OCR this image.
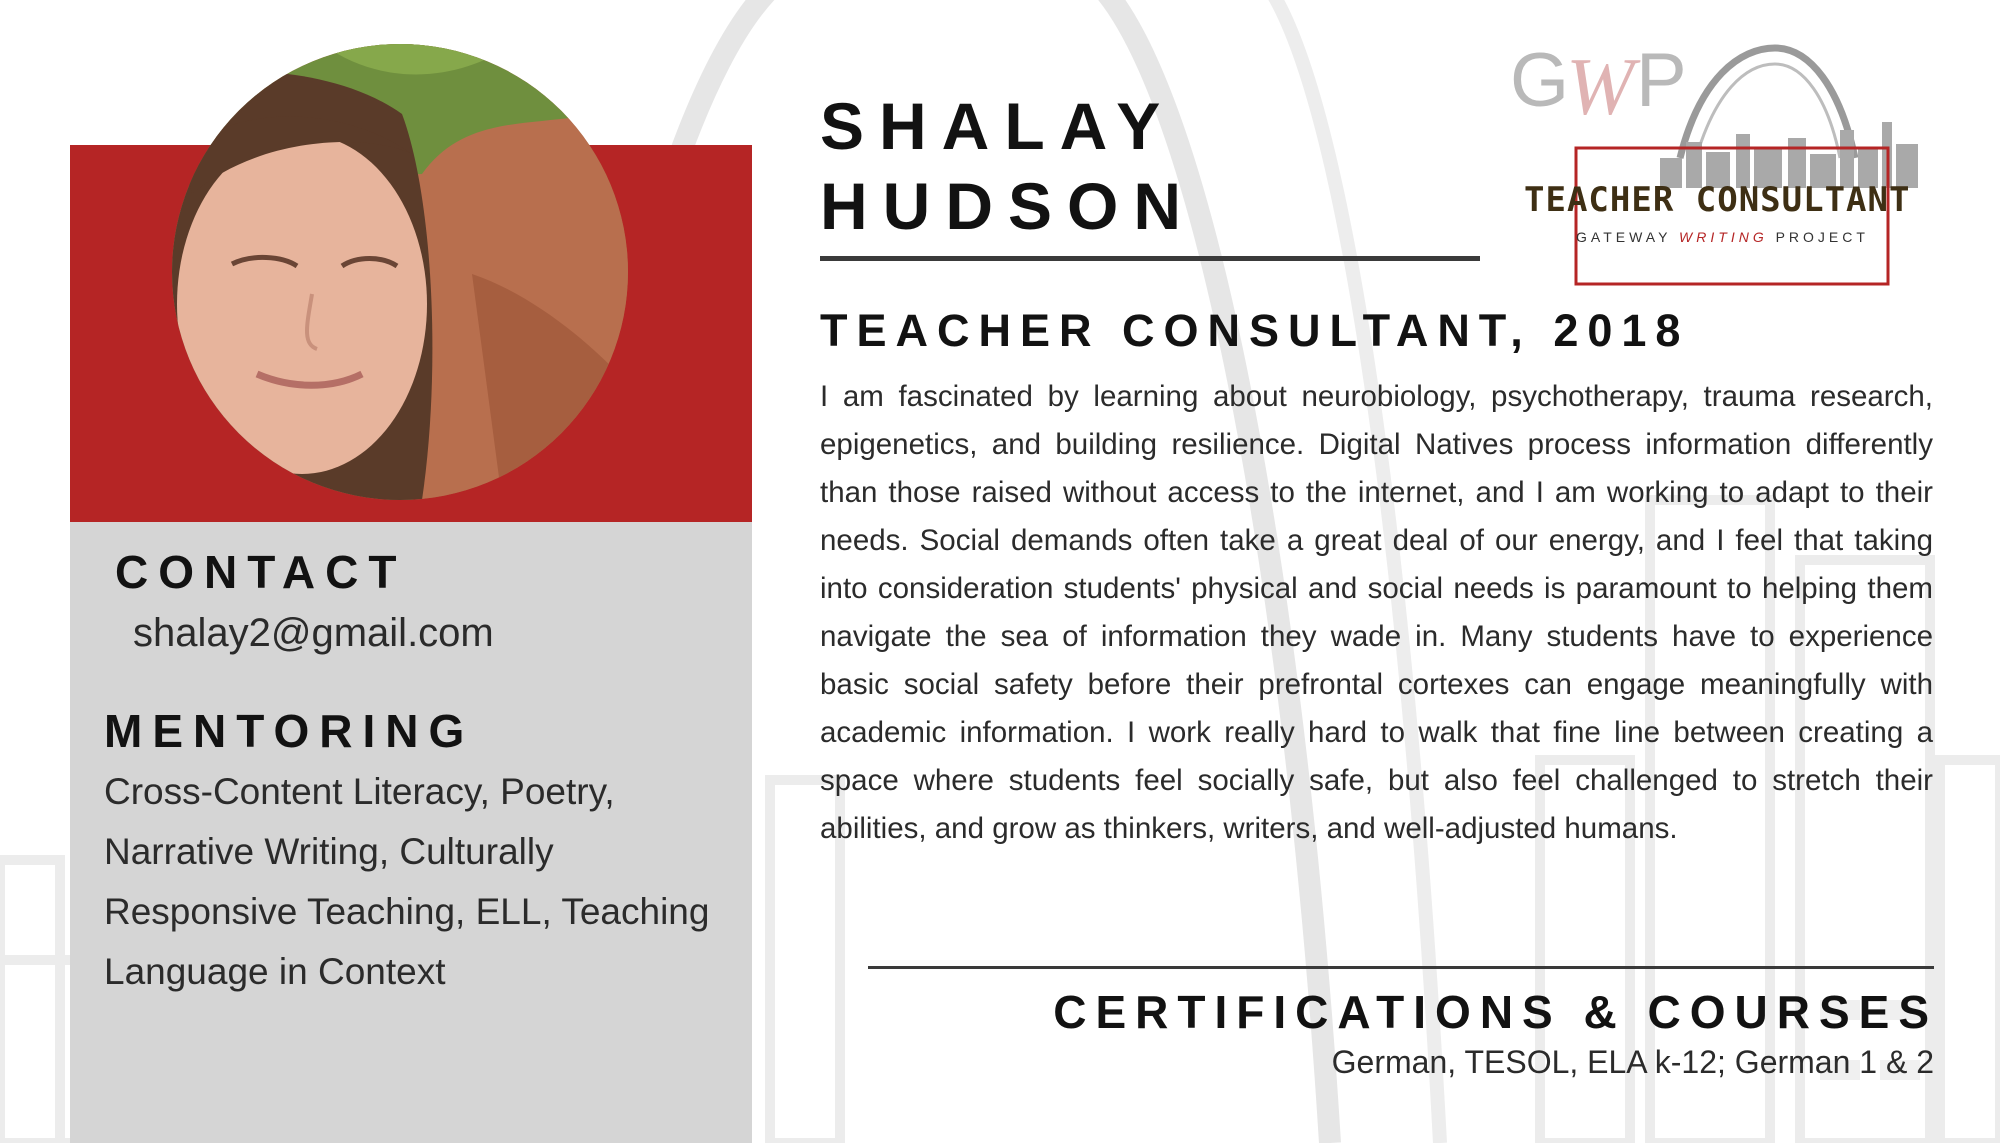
CONTACT
shalay2@gmail.com
MENTORING
Cross-Content Literacy, Poetry, Narrative Writing, Culturally Responsive Teaching, ELL, Teaching Language in Context
SHALAY
HUDSON
TEACHER CONSULTANT, 2018
I am fascinated by learning about neurobiology, psychotherapy, trauma research, epigenetics, and building resilience. Digital Natives process information differently than those raised without access to the internet, and I am working to adapt to their needs. Social demands often take a great deal of our energy, and I feel that taking into consideration students' physical and social needs is paramount to helping them navigate the sea of information they wade in. Many students have to experience basic social safety before their prefrontal cortexes can engage meaningfully with academic information. I work really hard to walk that fine line between creating a space where students feel socially safe, but also feel challenged to stretch their abilities, and grow as thinkers, writers, and well-adjusted humans.
CERTIFICATIONS & COURSES
German, TESOL, ELA k-12; German 1 & 2
G
W P
TEACHER CONSULTANT
GATEWAY WRITING PROJECT
